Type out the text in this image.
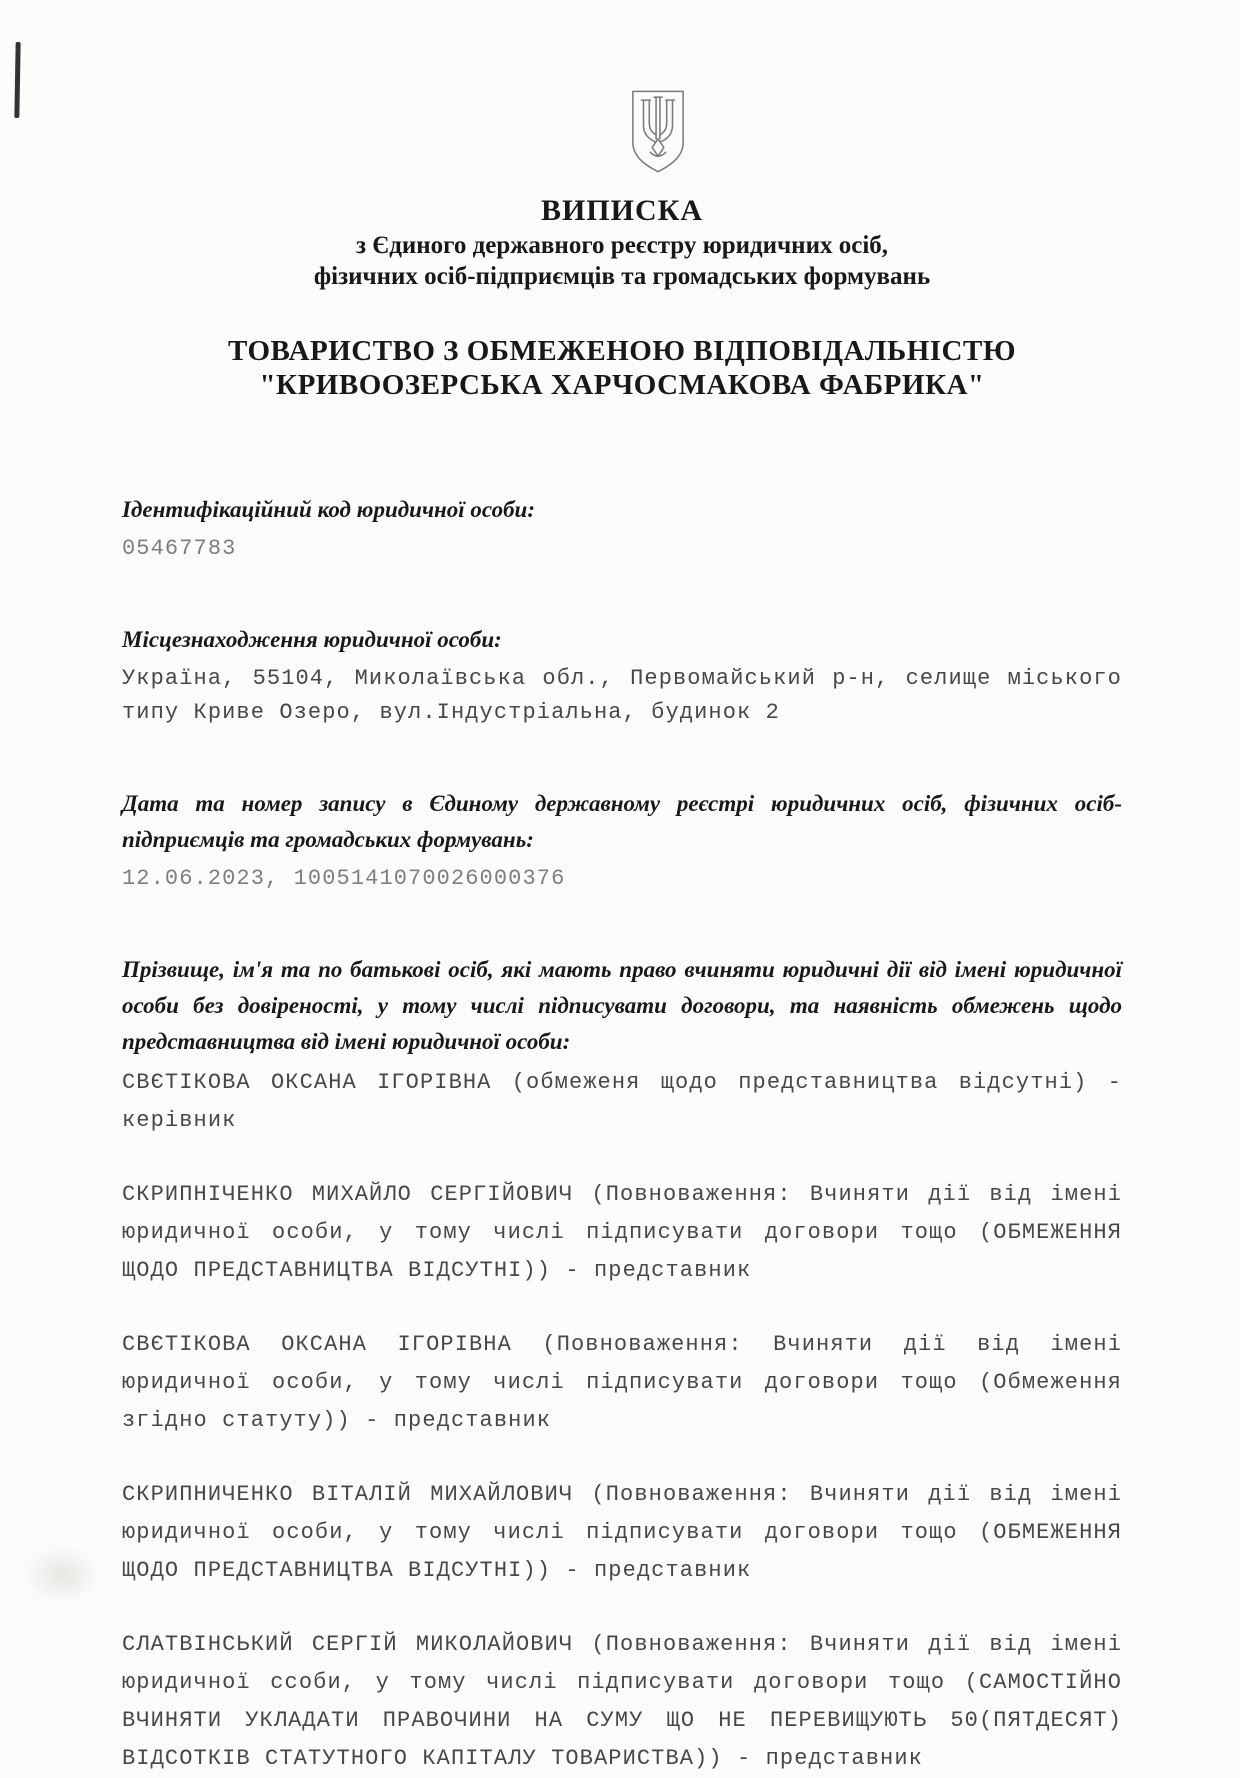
ВИПИСКА
з Єдиного державного реєстру юридичних осіб,
фізичних осіб-підприємців та громадських формувань
ТОВАРИСТВО З ОБМЕЖЕНОЮ ВІДПОВІДАЛЬНІСТЮ
"КРИВООЗЕРСЬКА ХАРЧОСМАКОВА ФАБРИКА"
Ідентифікаційний код юридичної особи:
05467783
Місцезнаходження юридичної особи:
Україна, 55104, Миколаївська обл., Первомайський р-н, селище міського типу Криве Озеро, вул.Індустріальна, будинок 2
Дата та номер запису в Єдиному державному реєстрі юридичних осіб, фізичних осіб-підприємців та громадських формувань:
12.06.2023, 1005141070026000376
Прізвище, ім'я та по батькові осіб, які мають право вчиняти юридичні дії від імені юридичної особи без довіреності, у тому числі підписувати договори, та наявність обмежень щодо представництва від імені юридичної особи:

СВЄТІКОВА ОКСАНА ІГОРІВНА (обмеженя щодо представництва відсутні) - керівник

СКРИПНІЧЕНКО МИХАЙЛО СЕРГІЙОВИЧ (Повноваження: Вчиняти дії від імені юридичної особи, у тому числі підписувати договори тощо (ОБМЕЖЕННЯ ЩОДО ПРЕДСТАВНИЦТВА ВІДСУТНІ)) - представник

СВЄТІКОВА ОКСАНА ІГОРІВНА (Повноваження: Вчиняти дії від імені юридичної особи, у тому числі підписувати договори тощо (Обмеження згідно статуту)) - представник

СКРИПНИЧЕНКО ВІТАЛІЙ МИХАЙЛОВИЧ (Повноваження: Вчиняти дії від імені юридичної особи, у тому числі підписувати договори тощо (ОБМЕЖЕННЯ ЩОДО ПРЕДСТАВНИЦТВА ВІДСУТНІ)) - представник

СЛАТВІНСЬКИЙ СЕРГІЙ МИКОЛАЙОВИЧ (Повноваження: Вчиняти дії від імені юридичної ссоби, у тому числі підписувати договори тощо (САМОСТІЙНО ВЧИНЯТИ УКЛАДАТИ ПРАВОЧИНИ НА СУМУ ЩО НЕ ПЕРЕВИЩУЮТЬ 50(ПЯТДЕСЯТ) ВІДСОТКІВ СТАТУТНОГО КАПІТАЛУ ТОВАРИСТВА)) - представник
